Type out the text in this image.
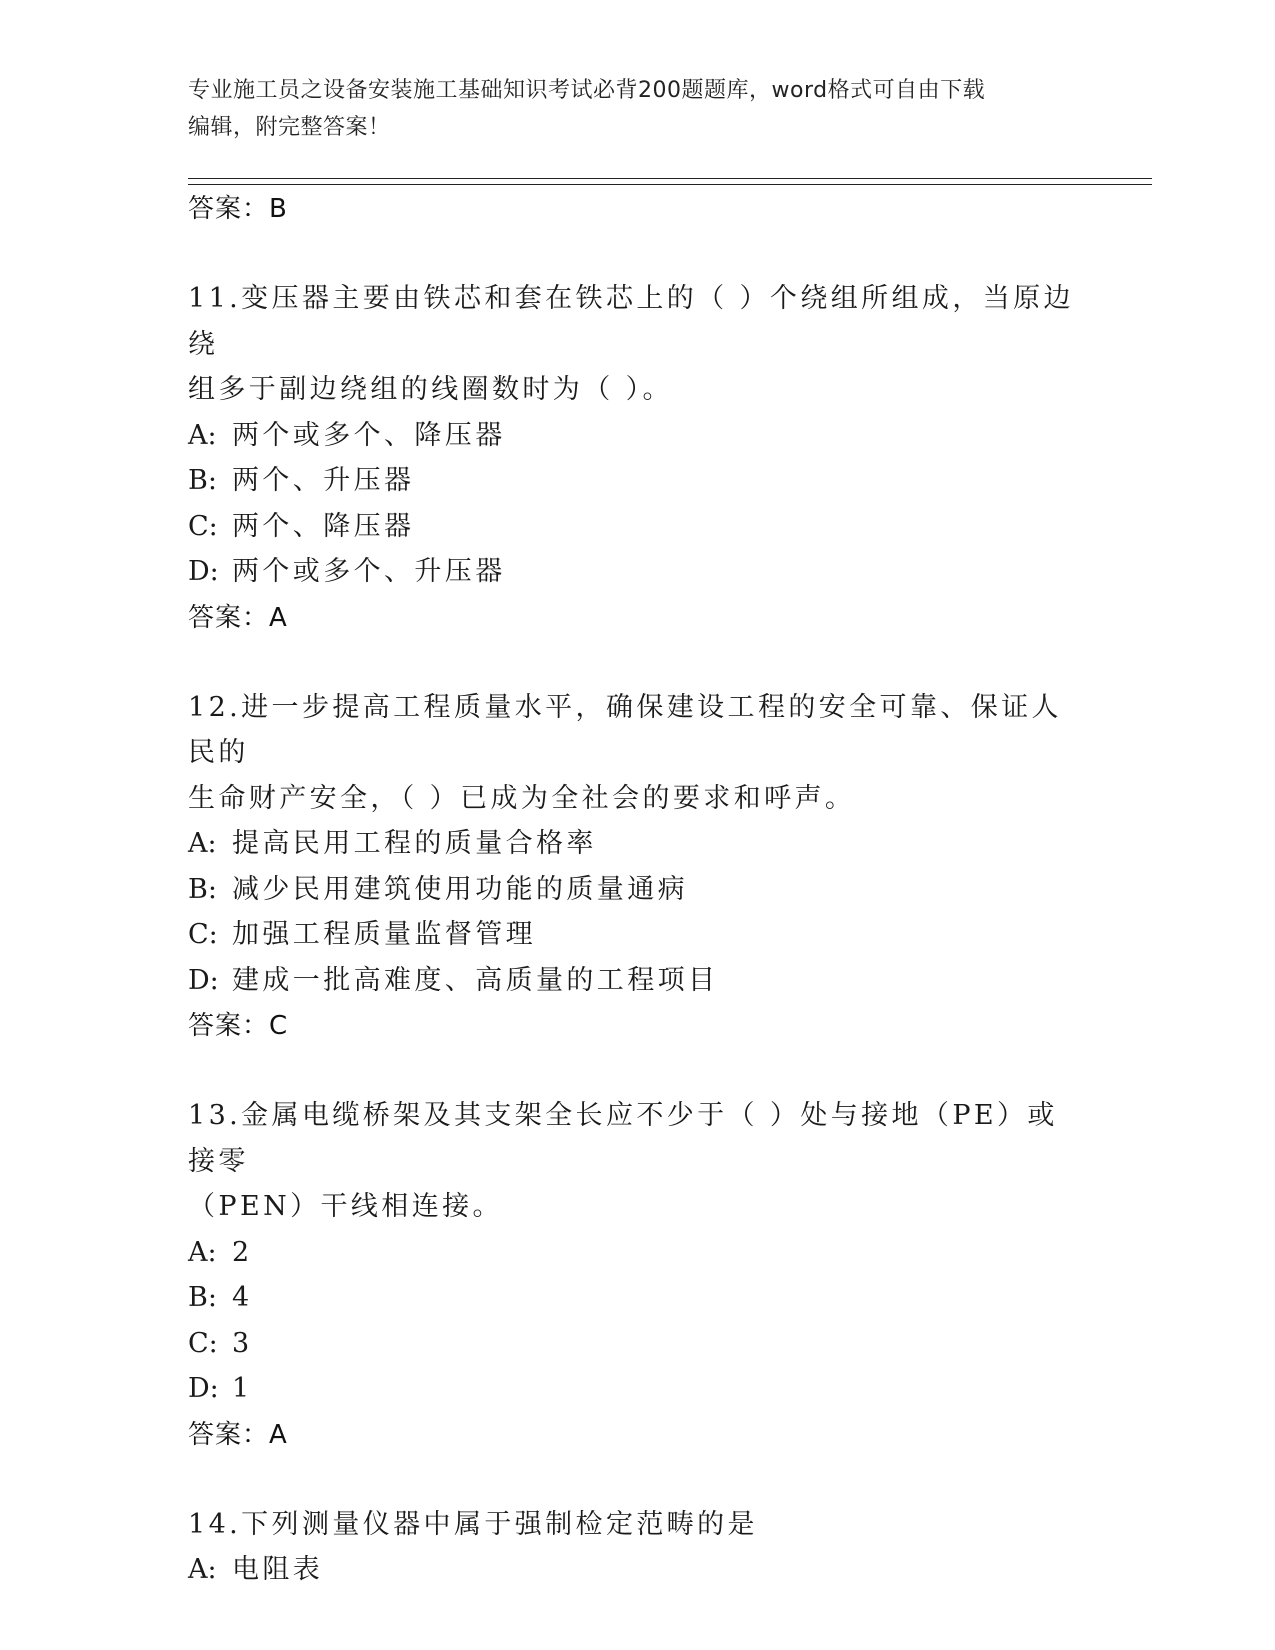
专业施工员之设备安装施工基础知识考试必背200题题库，word格式可自由下载
编辑，附完整答案！
答案：B
11.变压器主要由铁芯和套在铁芯上的（ ）个绕组所组成，当原边绕
组多于副边绕组的线圈数时为（ ）。
A: 两个或多个、降压器
B: 两个、升压器
C: 两个、降压器
D: 两个或多个、升压器
答案：A
12.进一步提高工程质量水平，确保建设工程的安全可靠、保证人民的
生命财产安全，（ ）已成为全社会的要求和呼声。
A: 提高民用工程的质量合格率
B: 减少民用建筑使用功能的质量通病
C: 加强工程质量监督管理
D: 建成一批高难度、高质量的工程项目
答案：C
13.金属电缆桥架及其支架全长应不少于（ ）处与接地（PE）或接零
（PEN）干线相连接。
A: 2
B: 4
C: 3
D: 1
答案：A
14.下列测量仪器中属于强制检定范畴的是
A: 电阻表
